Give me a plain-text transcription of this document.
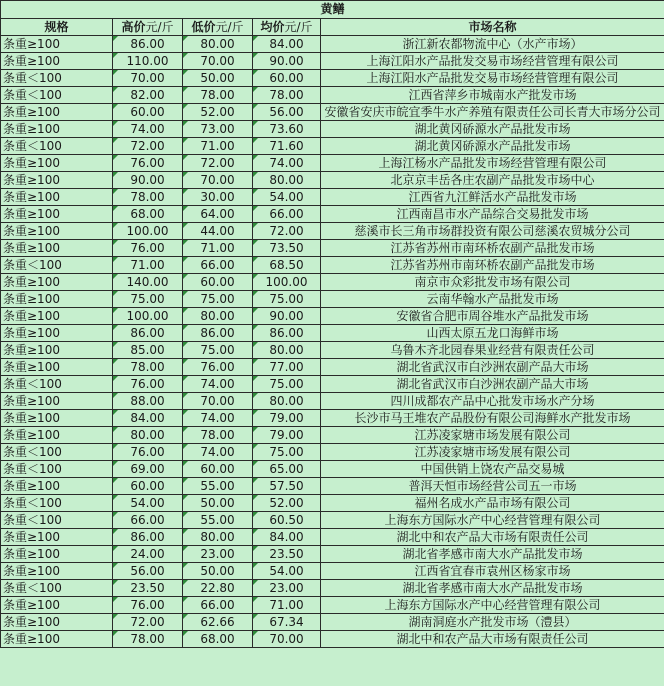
黄鳝				
规格	高价元/斤	低价元/斤	均价元/斤	市场名称
条重≥100	86.00	80.00	84.00	浙江新农都物流中心（水产市场）
条重≥100	110.00	70.00	90.00	上海江阳水产品批发交易市场经营管理有限公司
条重＜100	70.00	50.00	60.00	上海江阳水产品批发交易市场经营管理有限公司
条重＜100	82.00	78.00	78.00	江西省萍乡市城南水产批发市场
条重≥100	60.00	52.00	56.00	安徽省安庆市皖宜季牛水产养殖有限责任公司长青大市场分公司
条重≥100	74.00	73.00	73.60	湖北黄冈硚源水产品批发市场
条重＜100	72.00	71.00	71.60	湖北黄冈硚源水产品批发市场
条重≥100	76.00	72.00	74.00	上海江杨水产品批发市场经营管理有限公司
条重≥100	90.00	70.00	80.00	北京京丰岳各庄农副产品批发市场中心
条重≥100	78.00	30.00	54.00	江西省九江鲜活水产品批发市场
条重≥100	68.00	64.00	66.00	江西南昌市水产品综合交易批发市场
条重≥100	100.00	44.00	72.00	慈溪市长三角市场群投资有限公司慈溪农贸城分公司
条重≥100	76.00	71.00	73.50	江苏省苏州市南环桥农副产品批发市场
条重＜100	71.00	66.00	68.50	江苏省苏州市南环桥农副产品批发市场
条重≥100	140.00	60.00	100.00	南京市众彩批发市场有限公司
条重≥100	75.00	75.00	75.00	云南华翰水产品批发市场
条重≥100	100.00	80.00	90.00	安徽省合肥市周谷堆水产品批发市场
条重≥100	86.00	86.00	86.00	山西太原五龙口海鲜市场
条重≥100	85.00	75.00	80.00	乌鲁木齐北园春果业经营有限责任公司
条重≥100	78.00	76.00	77.00	湖北省武汉市白沙洲农副产品大市场
条重＜100	76.00	74.00	75.00	湖北省武汉市白沙洲农副产品大市场
条重≥100	88.00	70.00	80.00	四川成都农产品中心批发市场水产分场
条重≥100	84.00	74.00	79.00	长沙市马王堆农产品股份有限公司海鲜水产批发市场
条重≥100	80.00	78.00	79.00	江苏凌家塘市场发展有限公司
条重＜100	76.00	74.00	75.00	江苏凌家塘市场发展有限公司
条重＜100	69.00	60.00	65.00	中国供销上饶农产品交易城
条重≥100	60.00	55.00	57.50	普洱天恒市场经营公司五一市场
条重＜100	54.00	50.00	52.00	福州名成水产品市场有限公司
条重＜100	66.00	55.00	60.50	上海东方国际水产中心经营管理有限公司
条重≥100	86.00	80.00	84.00	湖北中和农产品大市场有限责任公司
条重≥100	24.00	23.00	23.50	湖北省孝感市南大水产品批发市场
条重≥100	56.00	50.00	54.00	江西省宜春市袁州区杨家市场
条重＜100	23.50	22.80	23.00	湖北省孝感市南大水产品批发市场
条重≥100	76.00	66.00	71.00	上海东方国际水产中心经营管理有限公司
条重≥100	72.00	62.66	67.34	湖南洞庭水产批发市场（澧县）
条重≥100	78.00	68.00	70.00	湖北中和农产品大市场有限责任公司
